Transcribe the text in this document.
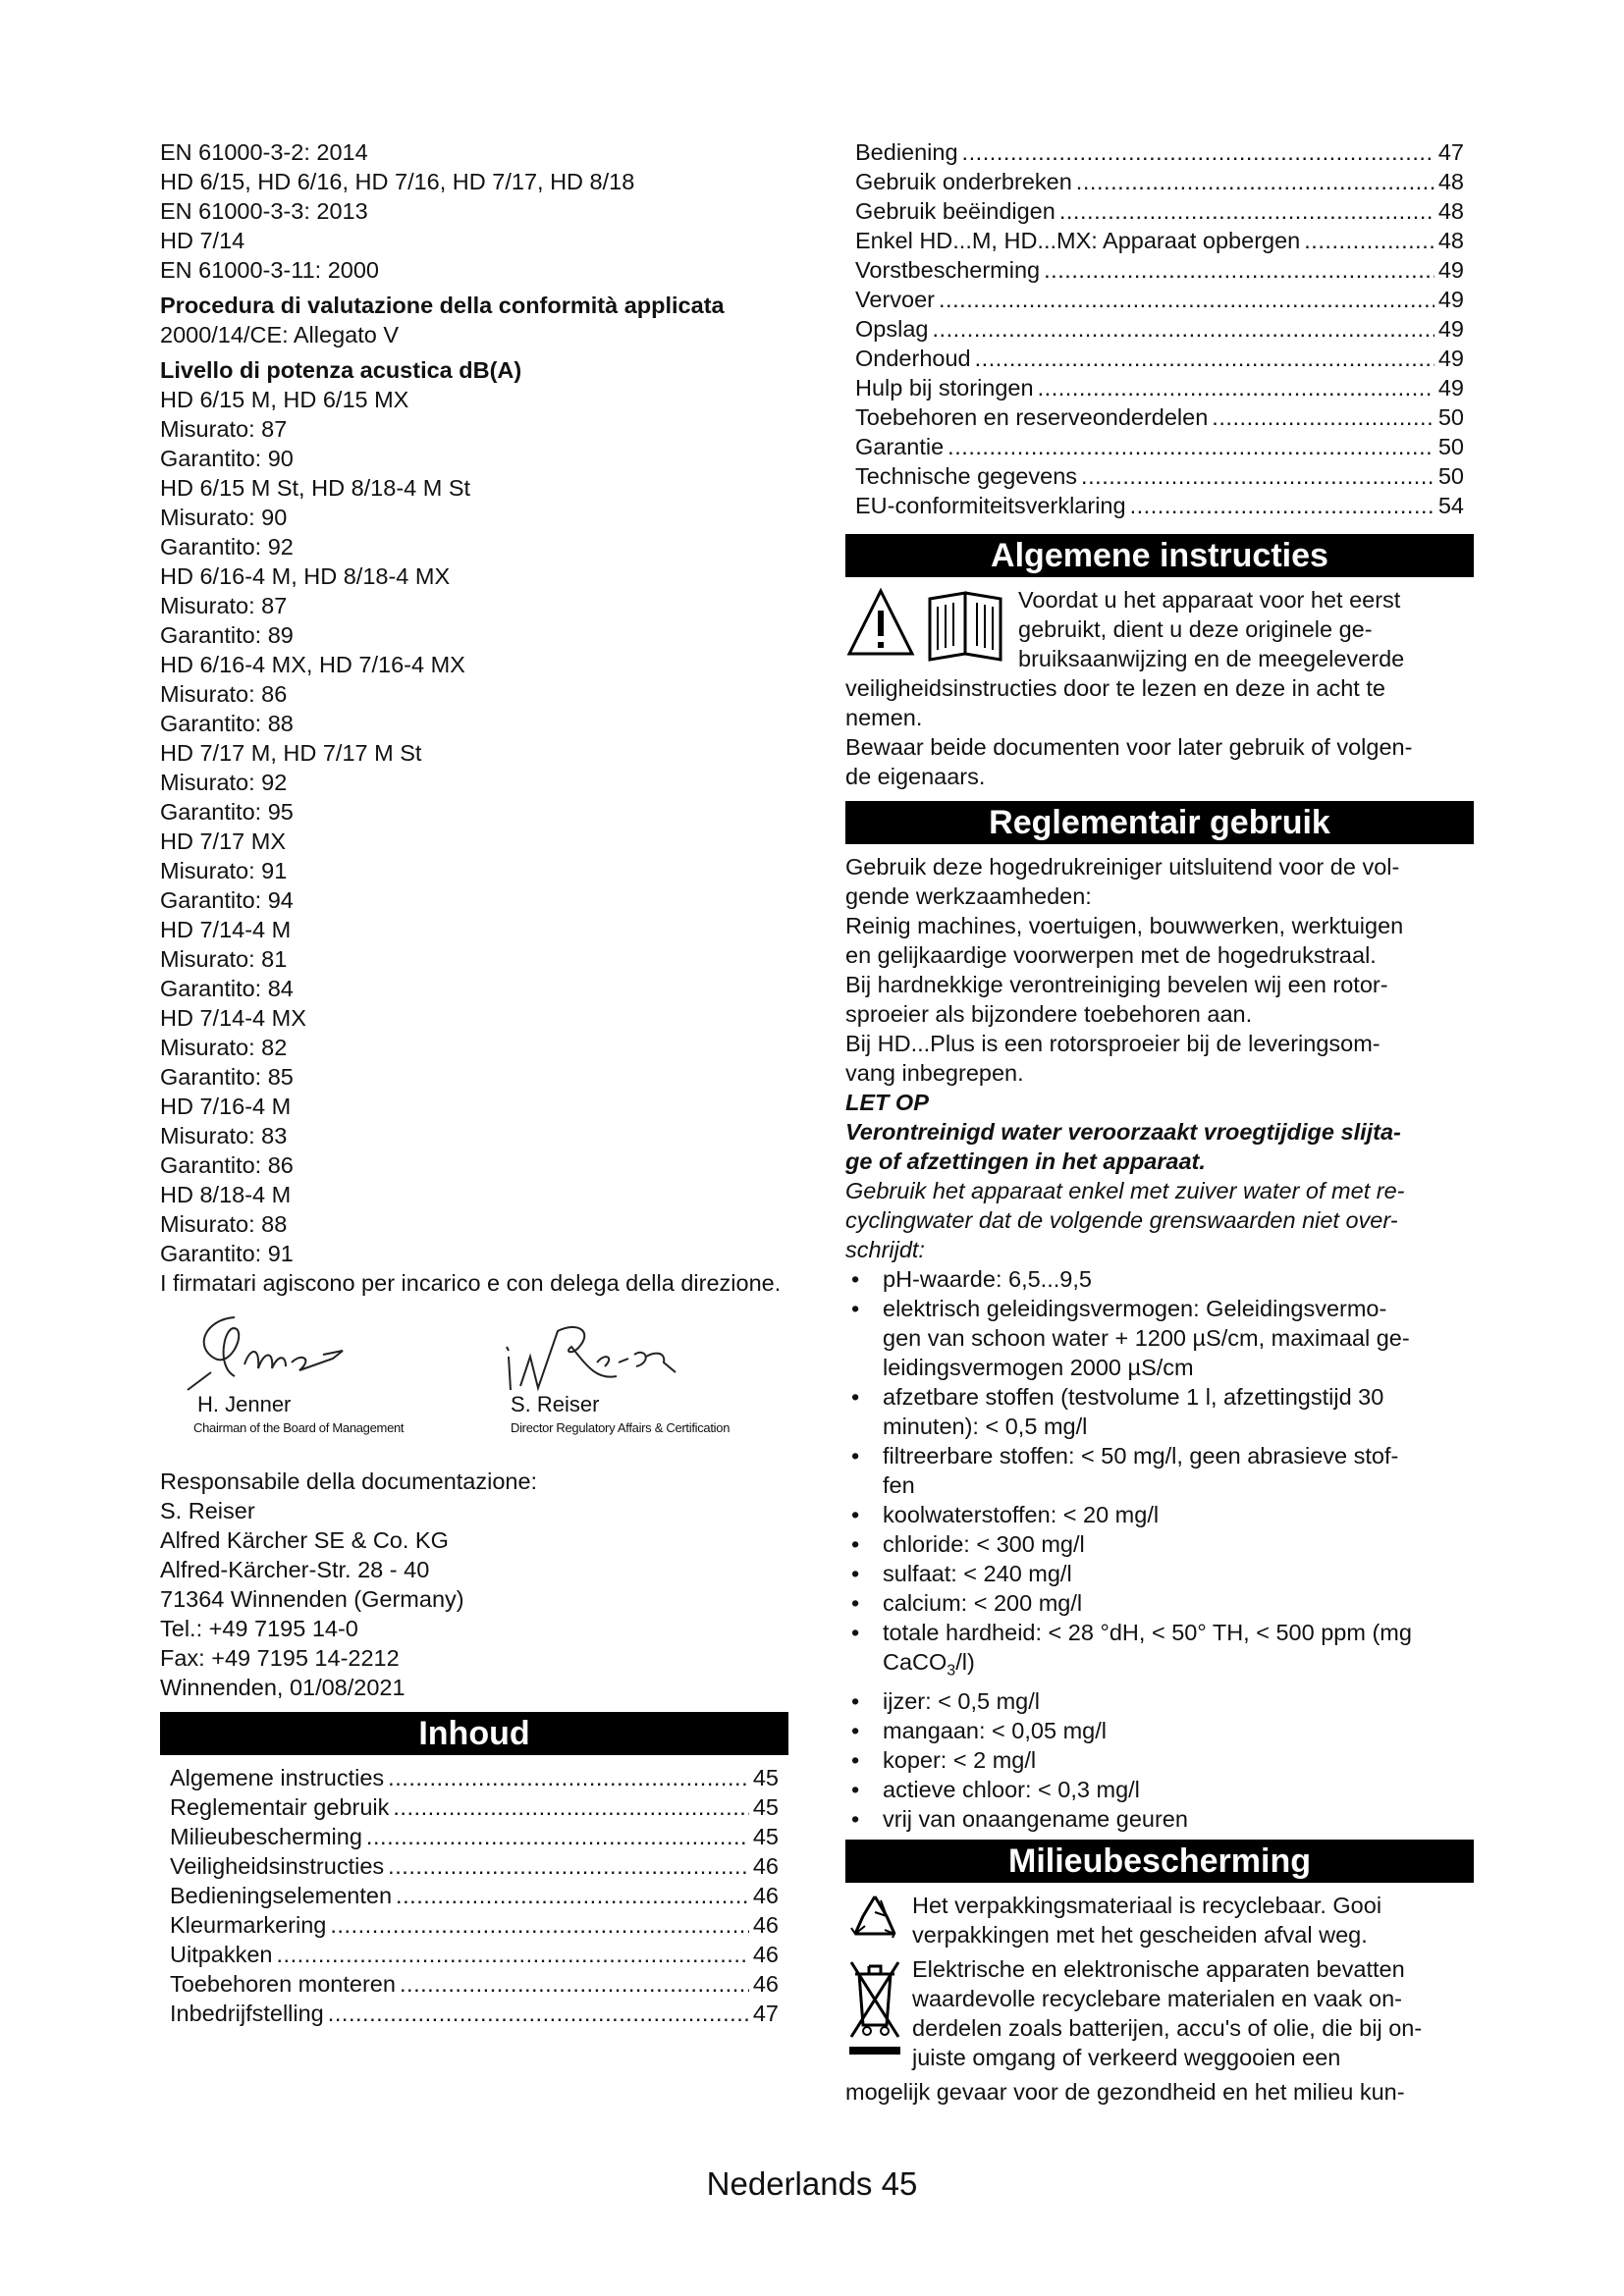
EN 61000-3-2: 2014
HD 6/15, HD 6/16, HD 7/16, HD 7/17, HD 8/18
EN 61000-3-3: 2013
HD 7/14
EN 61000-3-11: 2000
Procedura di valutazione della conformità applicata
2000/14/CE: Allegato V
Livello di potenza acustica dB(A)
HD 6/15 M, HD 6/15 MX
Misurato: 87
Garantito: 90
HD 6/15 M St, HD 8/18-4 M St
Misurato: 90
Garantito: 92
HD 6/16-4 M, HD 8/18-4 MX
Misurato: 87
Garantito: 89
HD 6/16-4 MX, HD 7/16-4 MX
Misurato: 86
Garantito: 88
HD 7/17 M, HD 7/17 M St
Misurato: 92
Garantito: 95
HD 7/17 MX
Misurato: 91
Garantito: 94
HD 7/14-4 M
Misurato: 81
Garantito: 84
HD 7/14-4 MX
Misurato: 82
Garantito: 85
HD 7/16-4 M
Misurato: 83
Garantito: 86
HD 8/18-4 M
Misurato: 88
Garantito: 91
I firmatari agiscono per incarico e con delega della direzione.
H. Jenner
Chairman of the Board of Management
S. Reiser
Director Regulatory Affairs & Certification
Responsabile della documentazione:
S. Reiser
Alfred Kärcher SE & Co. KG
Alfred-Kärcher-Str. 28 - 40
71364 Winnenden (Germany)
Tel.: +49 7195 14-0
Fax: +49 7195 14-2212
Winnenden, 01/08/2021
Inhoud
Algemene instructies . . .	45
Reglementair gebruik . . .	45
Milieubescherming . . .	45
Veiligheidsinstructies . . .	46
Bedieningselementen . . .	46
Kleurmarkering . . .	46
Uitpakken . . .	46
Toebehoren monteren . . .	46
Inbedrijfstelling . . .	47
Bediening . . .	47
Gebruik onderbreken . . .	48
Gebruik beëindigen . . .	48
Enkel HD...M, HD...MX: Apparaat opbergen . . .	48
Vorstbescherming . . .	49
Vervoer . . .	49
Opslag . . .	49
Onderhoud . . .	49
Hulp bij storingen . . .	49
Toebehoren en reserveonderdelen . . .	50
Garantie . . .	50
Technische gegevens . . .	50
EU-conformiteitsverklaring . . .	54
Algemene instructies
Voordat u het apparaat voor het eerst
gebruikt, dient u deze originele ge-
bruiksaanwijzing en de meegeleverde
veiligheidsinstructies door te lezen en deze in acht te
nemen.
Bewaar beide documenten voor later gebruik of volgen-
de eigenaars.
Reglementair gebruik
Gebruik deze hogedrukreiniger uitsluitend voor de vol-
gende werkzaamheden:
Reinig machines, voertuigen, bouwwerken, werktuigen
en gelijkaardige voorwerpen met de hogedrukstraal.
Bij hardnekkige verontreiniging bevelen wij een rotor-
sproeier als bijzondere toebehoren aan.
Bij HD...Plus is een rotorsproeier bij de leveringsom-
vang inbegrepen.
LET OP
Verontreinigd water veroorzaakt vroegtijdige slijta-
ge of afzettingen in het apparaat.
Gebruik het apparaat enkel met zuiver water of met re-
cyclingwater dat de volgende grenswaarden niet over-
schrijdt:
• pH-waarde: 6,5...9,5
• elektrisch geleidingsvermogen: Geleidingsvermo-
gen van schoon water + 1200 µS/cm, maximaal ge-
leidingsvermogen 2000 µS/cm
• afzetbare stoffen (testvolume 1 l, afzettingstijd 30
minuten): < 0,5 mg/l
• filtreerbare stoffen: < 50 mg/l, geen abrasieve stof-
fen
• koolwaterstoffen: < 20 mg/l
• chloride: < 300 mg/l
• sulfaat: < 240 mg/l
• calcium: < 200 mg/l
• totale hardheid: < 28 °dH, < 50° TH, < 500 ppm (mg
CaCO$_3$/l)
• ijzer: < 0,5 mg/l
• mangaan: < 0,05 mg/l
• koper: < 2 mg/l
• actieve chloor: < 0,3 mg/l
• vrij van onaangename geuren
Milieubescherming
Het verpakkingsmateriaal is recyclebaar. Gooi
verpakkingen met het gescheiden afval weg.
Elektrische en elektronische apparaten bevatten
waardevolle recyclebare materialen en vaak on-
derdelen zoals batterijen, accu's of olie, die bij on-
juiste omgang of verkeerd weggooien een
mogelijk gevaar voor de gezondheid en het milieu kun-
Nederlands 45
